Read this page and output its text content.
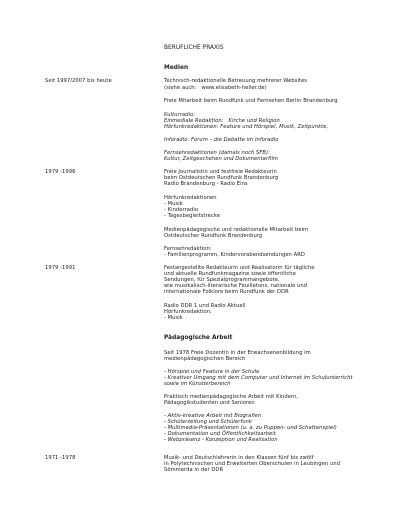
BERUFLICHE PRAXIS
Medien
Seit 1997/2007 bis heute	Technisch-redaktionelle Betreuung mehrerer Websites
(siehe auch:   www.elisabeth-heller.de)
Freie Mitarbeit beim Rundfunk und Fernsehen Berlin Brandenburg
Kulturradio:
Einmediale Redaktion:   Kirche und Religion
Hörfunkredaktionen: Feature und Hörspiel, Musik, Zeitpunkte,
Inforadio: Forum – die Debatte im Inforadio
Fernsehredaktionen (damals noch SFB):
Kultur, Zeitgeschehen und Dokumentarfilm
1979 -1996	Freie Journalistin und festfreie Redakteurin
beim Ostdeutschen Rundfunk Brandenburg
Radio Brandenburg - Radio Eins
Hörfunkredaktionen
- Musik
- Kinderradio
- Tagesbegleitstrecke
Medienpädagogische und redaktionelle Mitarbeit beim
Ostdeutscher Rundfunk Brandenburg
Fernsehredaktion:
- Familienprogramm, Kindervorabendsendungen ARD
1979 -1991	Festangestellte Redakteurin und Realisatorin für tägliche
und aktuelle Rundfunkmagazine sowie öffentliche
Sendungen, für Spezialprogrammangebote,
wie musikalisch-literarische Feuilletons, nationale und
internationale Folklore beim Rundfunk der DDR
Radio DDR 1 und Radio Aktuell
Hörfunkredaktion:
- Musik
Pädagogische Arbeit
Seit 1978 Freie Dozentin in der Erwachsenenbildung im
medienpädagogischen Bereich
- Hörspiel und Feature in der Schule
- Kreativer Umgang mit dem Computer und Internet im Schulunterricht
sowie im Künstlerbereich
Praktisch medienpädagogische Arbeit mit Kindern,
Pädagogikstudenten und Senioren
- Aktiv-kreative Arbeit mit Biografien
- Schülerzeitung und Schülerfunk
- Multimedia-Präsentationen (u. a. zu Puppen- und Schattenspiel)
- Dokumentation und Öffentlichkeitsarbeit
- Webpräsenz - Konzeption und Realisation
1971 -1978	Musik- und Deutschlehrerin in den Klassen fünf bis zwölf
in Polytechnischen und Erweiterten Oberschulen in Leubingen und
Sömmerda in der DDR
